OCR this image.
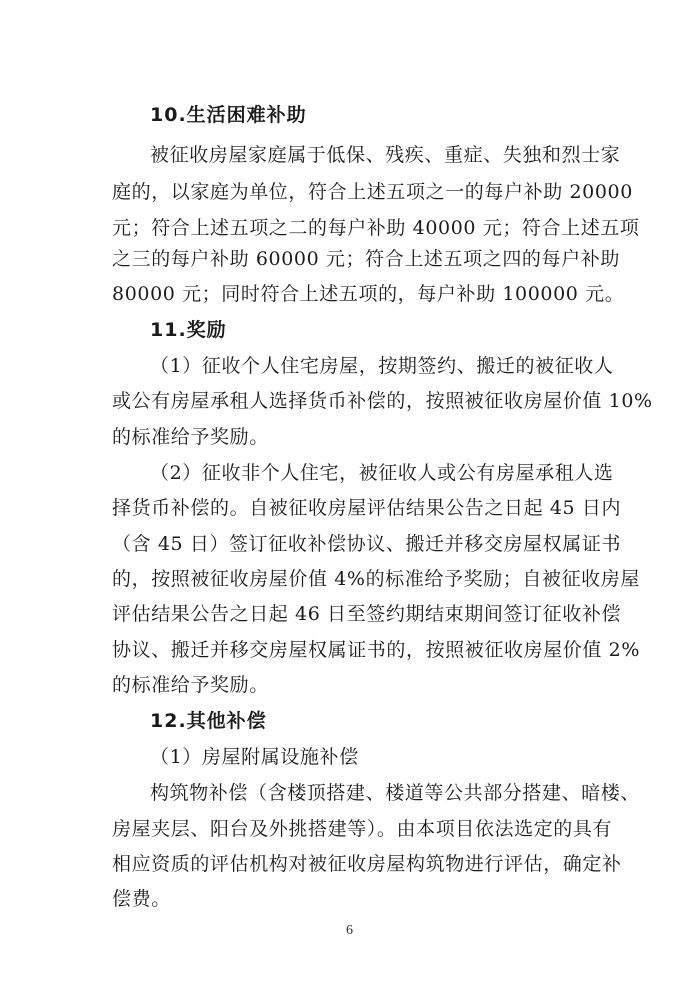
10.生活困难补助
被征收房屋家庭属于低保、残疾、重症、失独和烈士家
庭的，以家庭为单位，符合上述五项之一的每户补助 20000
元；符合上述五项之二的每户补助 40000 元；符合上述五项
之三的每户补助 60000 元；符合上述五项之四的每户补助
80000 元；同时符合上述五项的，每户补助 100000 元。
11.奖励
（1）征收个人住宅房屋，按期签约、搬迁的被征收人
或公有房屋承租人选择货币补偿的，按照被征收房屋价值 10%
的标准给予奖励。
（2）征收非个人住宅，被征收人或公有房屋承租人选
择货币补偿的。自被征收房屋评估结果公告之日起 45 日内
（含 45 日）签订征收补偿协议、搬迁并移交房屋权属证书
的，按照被征收房屋价值 4%的标准给予奖励；自被征收房屋
评估结果公告之日起 46 日至签约期结束期间签订征收补偿
协议、搬迁并移交房屋权属证书的，按照被征收房屋价值 2%
的标准给予奖励。
12.其他补偿
（1）房屋附属设施补偿
构筑物补偿（含楼顶搭建、楼道等公共部分搭建、暗楼、
房屋夹层、阳台及外挑搭建等）。由本项目依法选定的具有
相应资质的评估机构对被征收房屋构筑物进行评估，确定补
偿费。
6
